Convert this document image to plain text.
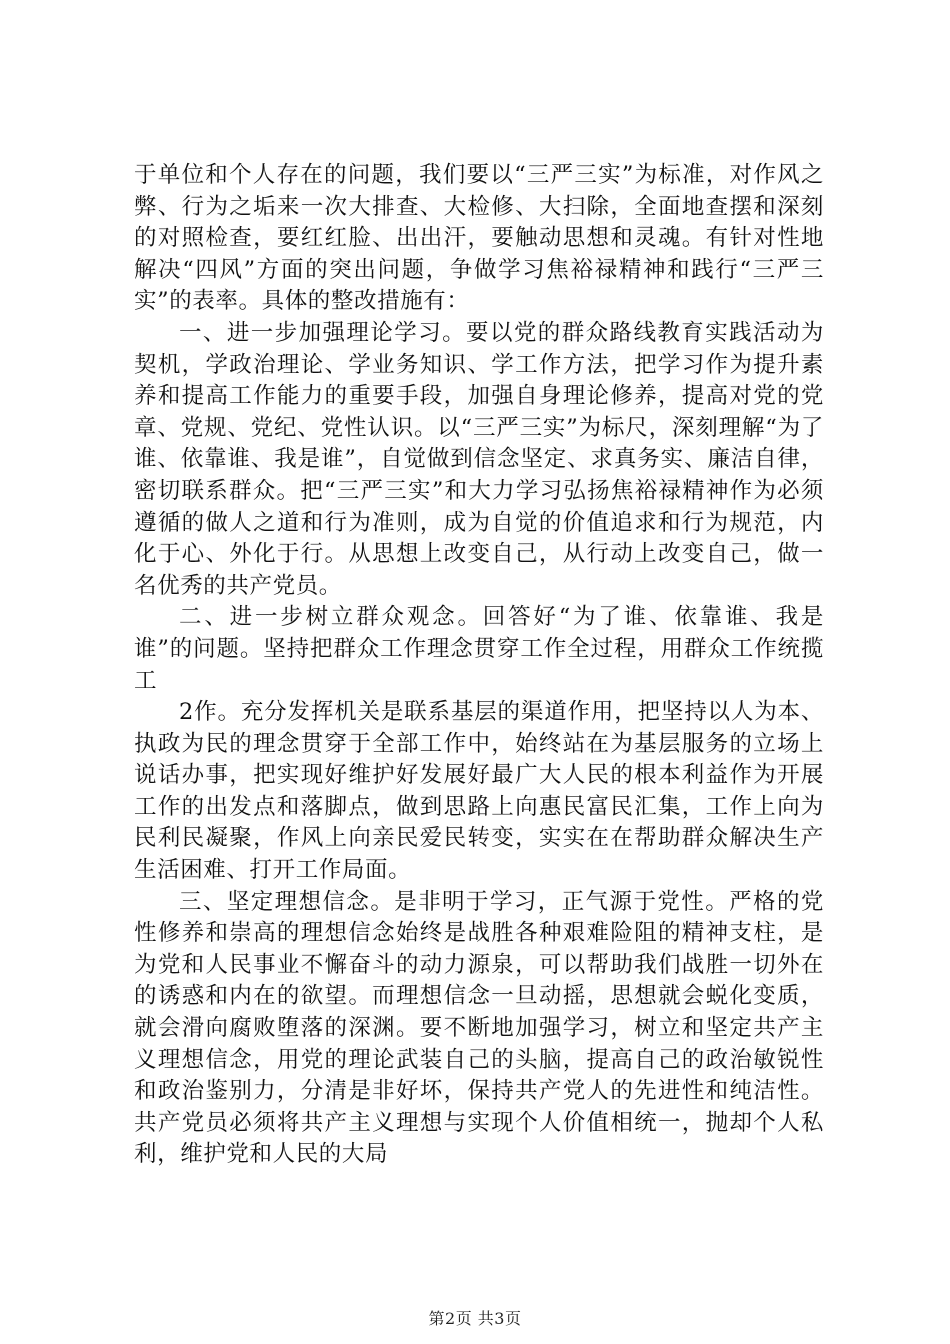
于单位和个人存在的问题，我们要以“三严三实”为标准，对作风之弊、行为之垢来一次大排查、大检修、大扫除，全面地查摆和深刻的对照检查，要红红脸、出出汗，要触动思想和灵魂。有针对性地解决“四风”方面的突出问题，争做学习焦裕禄精神和践行“三严三实”的表率。具体的整改措施有：

一、进一步加强理论学习。要以党的群众路线教育实践活动为契机，学政治理论、学业务知识、学工作方法，把学习作为提升素养和提高工作能力的重要手段，加强自身理论修养，提高对党的党章、党规、党纪、党性认识。以“三严三实”为标尺，深刻理解“为了谁、依靠谁、我是谁”，自觉做到信念坚定、求真务实、廉洁自律，密切联系群众。把“三严三实”和大力学习弘扬焦裕禄精神作为必须遵循的做人之道和行为准则，成为自觉的价值追求和行为规范，内化于心、外化于行。从思想上改变自己，从行动上改变自己，做一名优秀的共产党员。

二、进一步树立群众观念。回答好“为了谁、依靠谁、我是谁”的问题。坚持把群众工作理念贯穿工作全过程，用群众工作统揽工

2作。充分发挥机关是联系基层的渠道作用，把坚持以人为本、执政为民的理念贯穿于全部工作中，始终站在为基层服务的立场上说话办事，把实现好维护好发展好最广大人民的根本利益作为开展工作的出发点和落脚点，做到思路上向惠民富民汇集，工作上向为民利民凝聚，作风上向亲民爱民转变，实实在在帮助群众解决生产生活困难、打开工作局面。

三、坚定理想信念。是非明于学习，正气源于党性。严格的党性修养和崇高的理想信念始终是战胜各种艰难险阻的精神支柱，是为党和人民事业不懈奋斗的动力源泉，可以帮助我们战胜一切外在的诱惑和内在的欲望。而理想信念一旦动摇，思想就会蜕化变质，就会滑向腐败堕落的深渊。要不断地加强学习，树立和坚定共产主义理想信念，用党的理论武装自己的头脑，提高自己的政治敏锐性和政治鉴别力，分清是非好坏，保持共产党人的先进性和纯洁性。共产党员必须将共产主义理想与实现个人价值相统一，抛却个人私利，维护党和人民的大局

第2页 共3页
